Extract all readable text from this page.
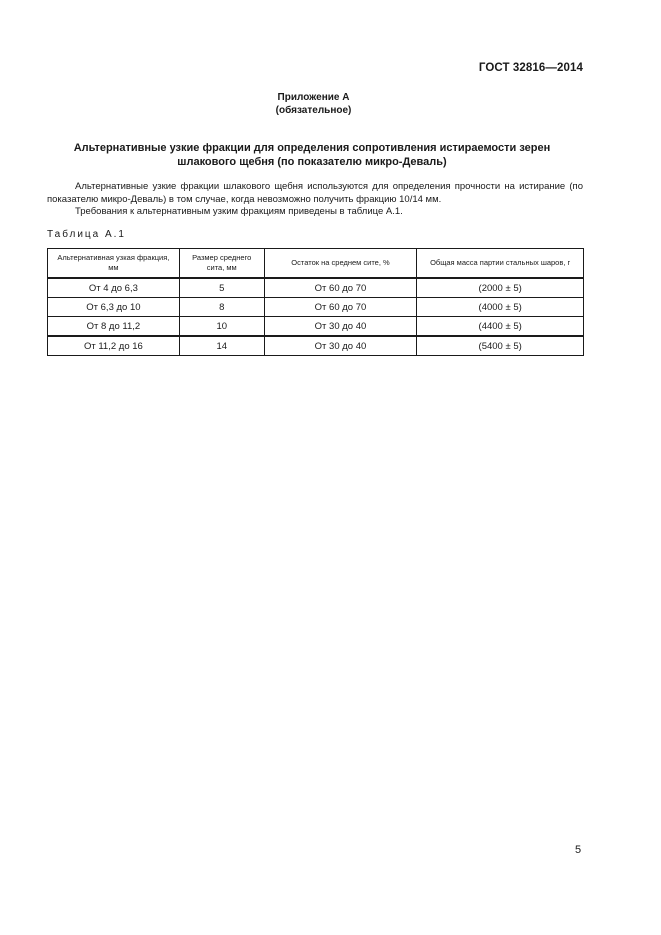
ГОСТ 32816—2014
Приложение А
(обязательное)
Альтернативные узкие фракции для определения сопротивления истираемости зерен
шлакового щебня (по показателю микро-Деваль)

Альтернативные узкие фракции шлакового щебня используются для определения прочности на истирание (по показателю микро-Деваль) в том случае, когда невозможно получить фракцию 10/14 мм.

Требования к альтернативным узким фракциям приведены в таблице А.1.

Таблица А.1
Альтернативная узкая фракция, мм	Размер среднего сита, мм	Остаток на среднем сите, %	Общая масса партии стальных шаров, г
От 4 до 6,3	5	От 60 до 70	(2000 ± 5)
От 6,3 до 10	8	От 60 до 70	(4000 ± 5)
От 8 до 11,2	10	От 30 до 40	(4400 ± 5)
От 11,2 до 16	14	От 30 до 40	(5400 ± 5)
5
